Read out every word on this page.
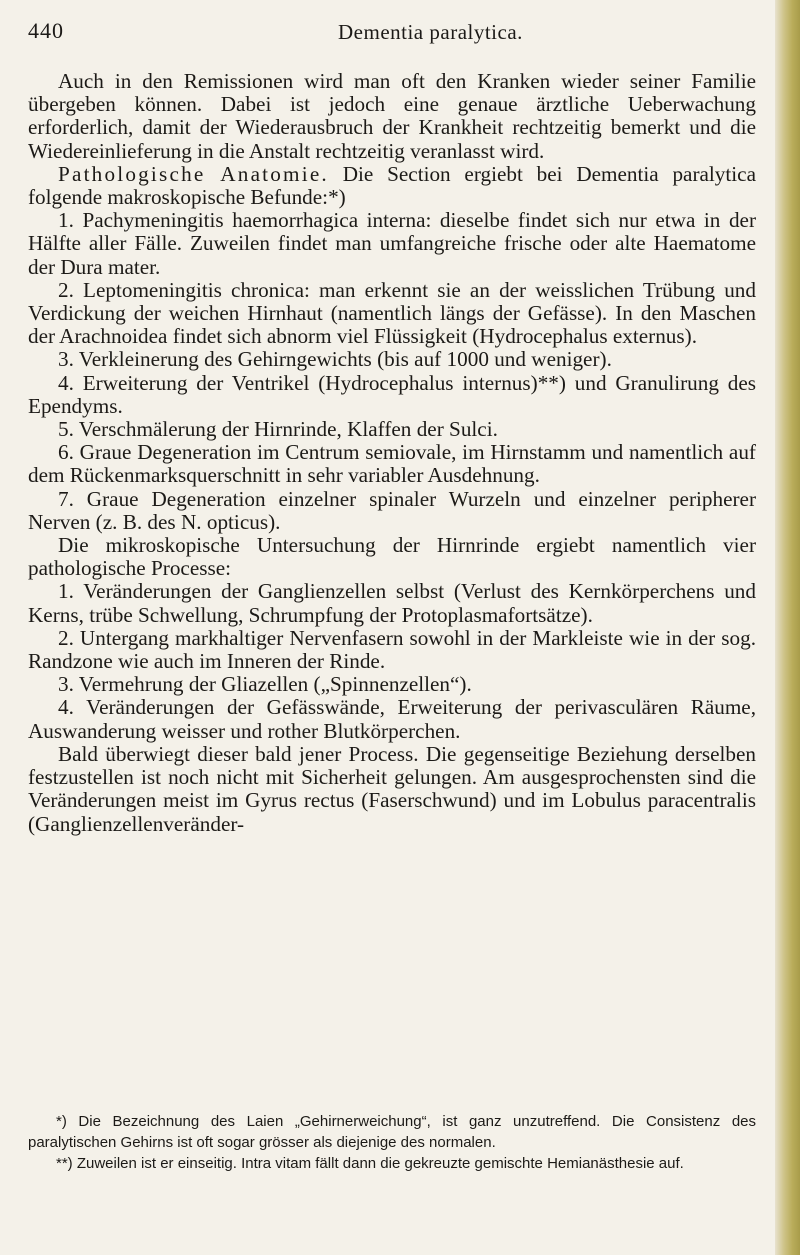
440	Dementia paralytica.

Auch in den Remissionen wird man oft den Kranken wieder seiner Familie übergeben können. Dabei ist jedoch eine genaue ärztliche Ueberwachung erforderlich, damit der Wiederausbruch der Krankheit rechtzeitig bemerkt und die Wiedereinlieferung in die Anstalt rechtzeitig veranlasst wird.

Pathologische Anatomie. Die Section ergiebt bei Dementia paralytica folgende makroskopische Befunde:*)

1. Pachymeningitis haemorrhagica interna: dieselbe findet sich nur etwa in der Hälfte aller Fälle. Zuweilen findet man umfangreiche frische oder alte Haematome der Dura mater.

2. Leptomeningitis chronica: man erkennt sie an der weisslichen Trübung und Verdickung der weichen Hirnhaut (namentlich längs der Gefässe). In den Maschen der Arachnoidea findet sich abnorm viel Flüssigkeit (Hydrocephalus externus).

3. Verkleinerung des Gehirngewichts (bis auf 1000 und weniger).

4. Erweiterung der Ventrikel (Hydrocephalus internus)**) und Granulirung des Ependyms.

5. Verschmälerung der Hirnrinde, Klaffen der Sulci.

6. Graue Degeneration im Centrum semiovale, im Hirnstamm und namentlich auf dem Rückenmarksquerschnitt in sehr variabler Ausdehnung.

7. Graue Degeneration einzelner spinaler Wurzeln und einzelner peripherer Nerven (z. B. des N. opticus).

Die mikroskopische Untersuchung der Hirnrinde ergiebt namentlich vier pathologische Processe:

1. Veränderungen der Ganglienzellen selbst (Verlust des Kernkörperchens und Kerns, trübe Schwellung, Schrumpfung der Protoplasmafortsätze).

2. Untergang markhaltiger Nervenfasern sowohl in der Markleiste wie in der sog. Randzone wie auch im Inneren der Rinde.

3. Vermehrung der Gliazellen („Spinnenzellen“).

4. Veränderungen der Gefässwände, Erweiterung der perivasculären Räume, Auswanderung weisser und rother Blutkörperchen.

Bald überwiegt dieser bald jener Process. Die gegenseitige Beziehung derselben festzustellen ist noch nicht mit Sicherheit gelungen. Am ausgesprochensten sind die Veränderungen meist im Gyrus rectus (Faserschwund) und im Lobulus paracentralis (Ganglienzellenveränder-

*) Die Bezeichnung des Laien „Gehirnerweichung“, ist ganz unzutreffend. Die Consistenz des paralytischen Gehirns ist oft sogar grösser als diejenige des normalen.

**) Zuweilen ist er einseitig. Intra vitam fällt dann die gekreuzte gemischte Hemianästhesie auf.
